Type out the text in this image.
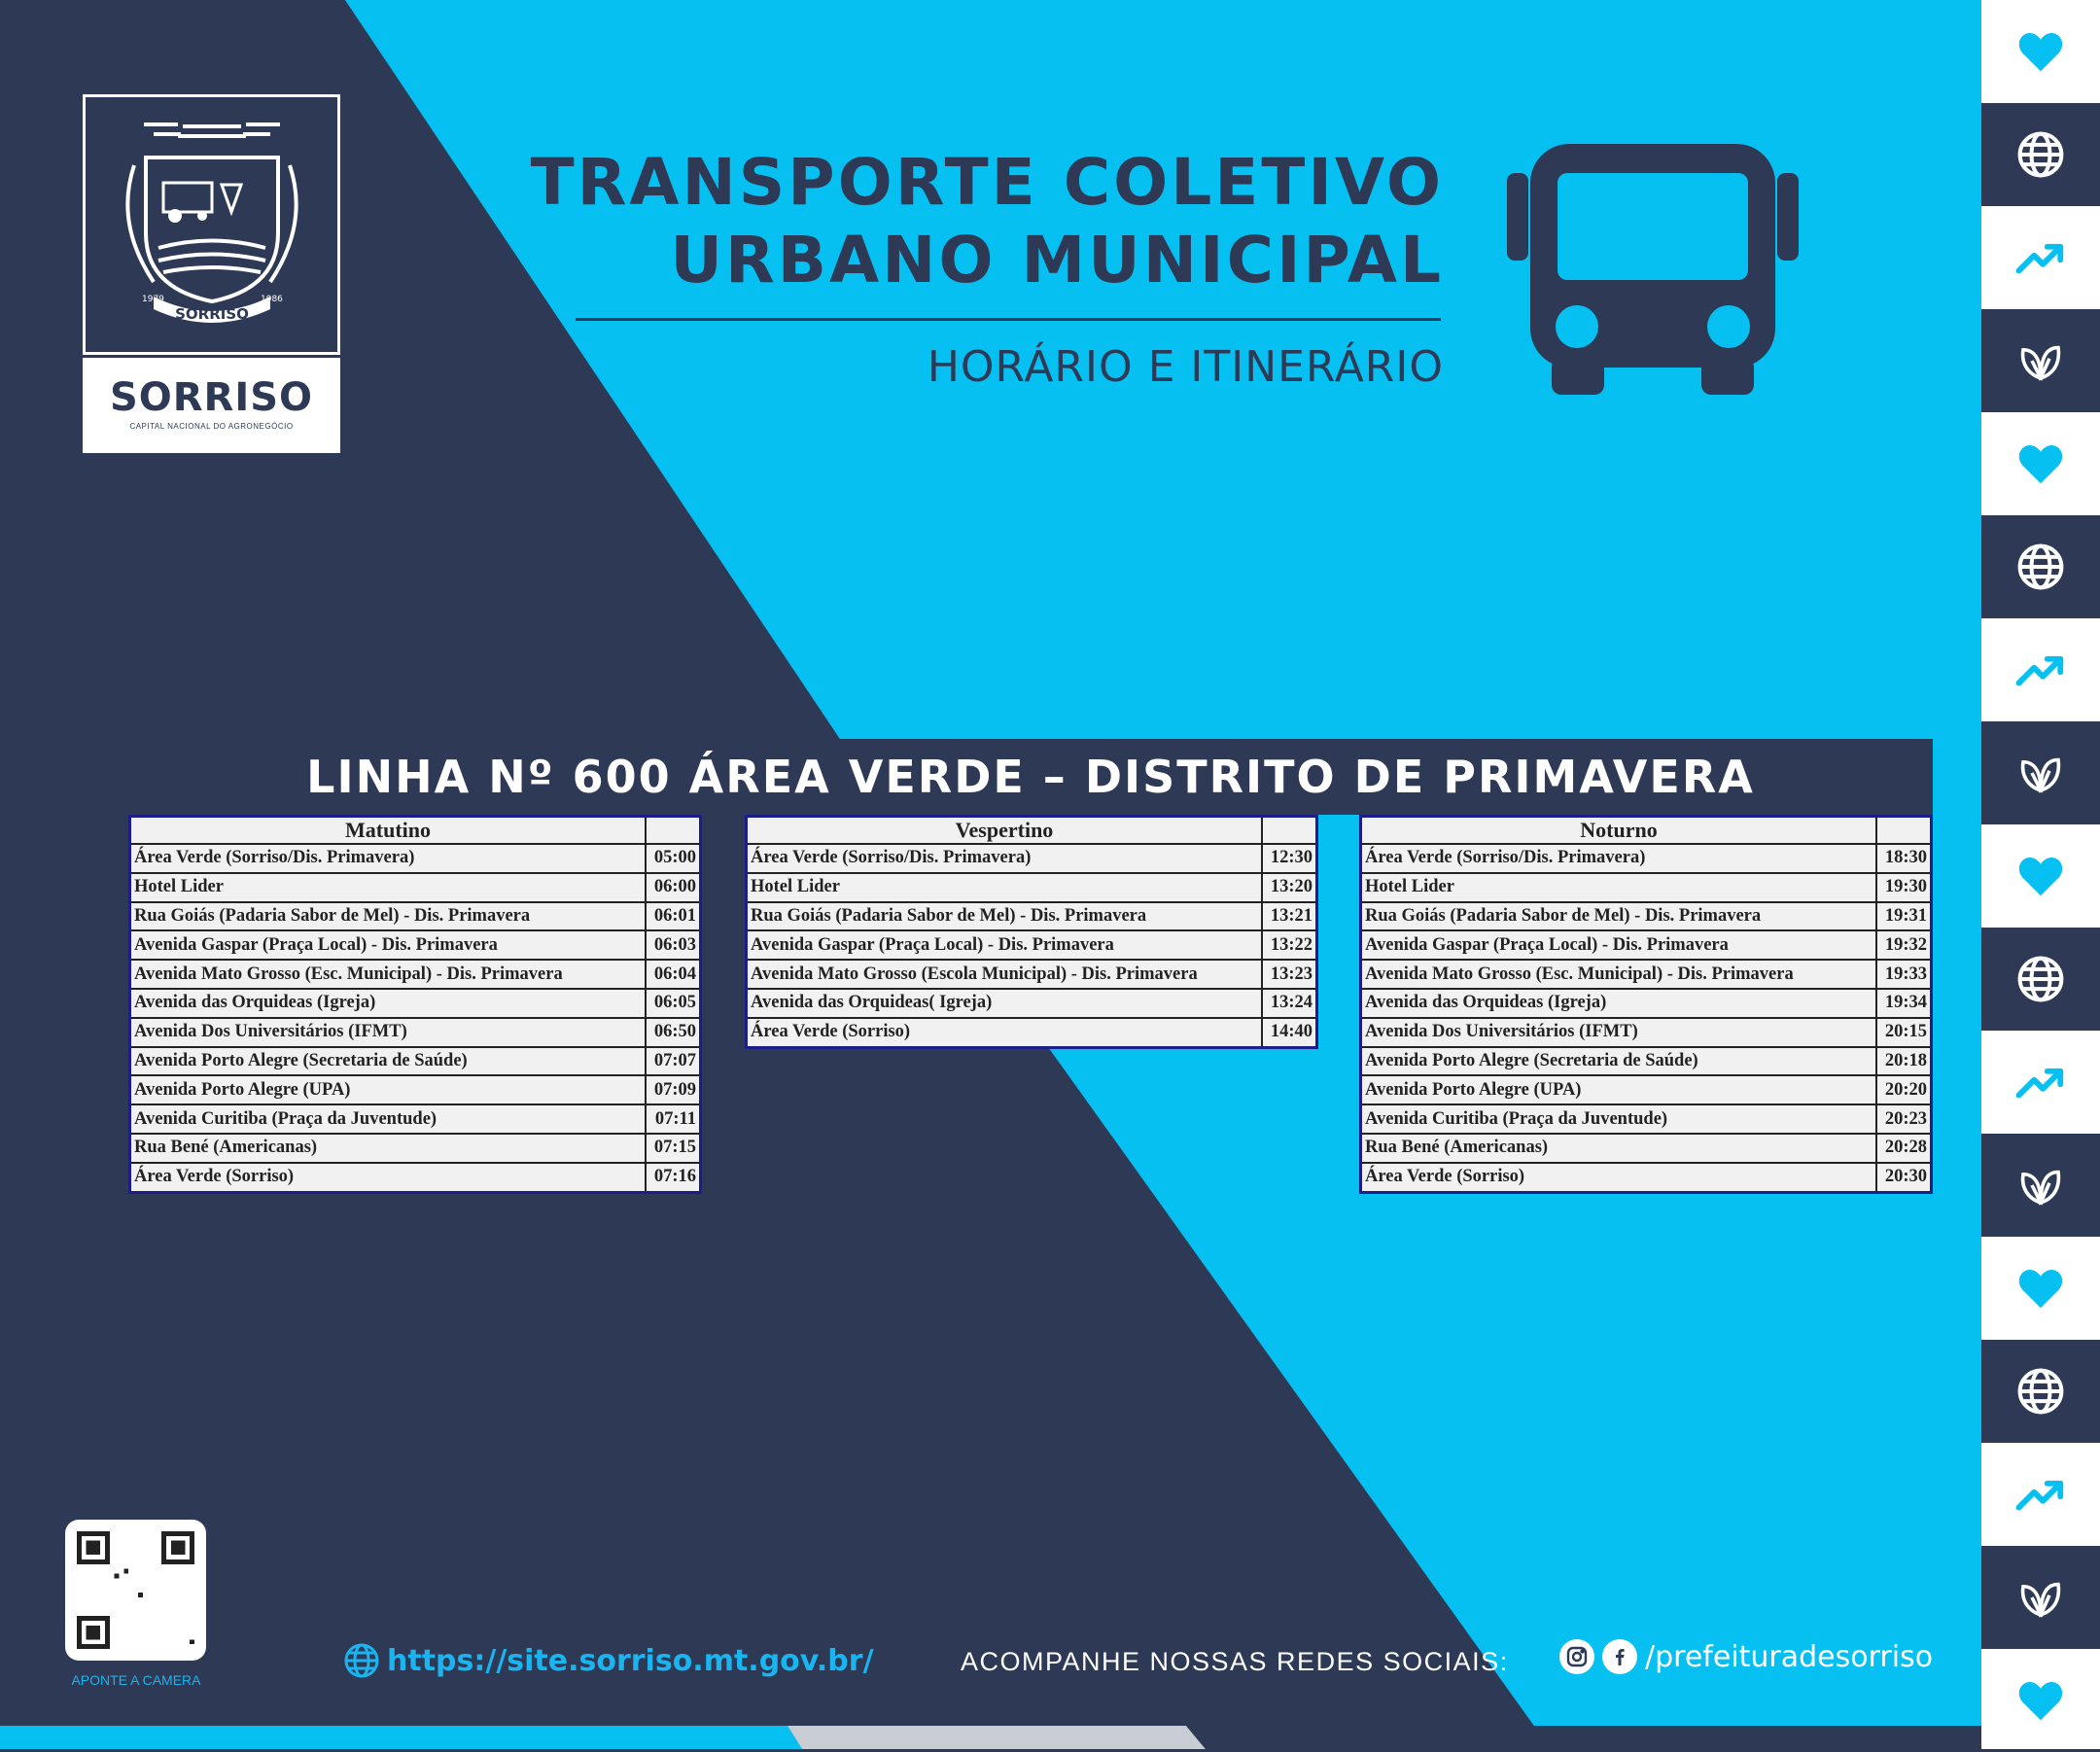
SORRISO
1979	1986
SORRISO
CAPITAL NACIONAL DO AGRONEGÓCIO
TRANSPORTE COLETIVO
URBANO MUNICIPAL
HORÁRIO E ITINERÁRIO
LINHA Nº 600 ÁREA VERDE – DISTRITO DE PRIMAVERA
Matutino	
Área Verde (Sorriso/Dis. Primavera)	05:00
Hotel Lider	06:00
Rua Goiás (Padaria Sabor de Mel) - Dis. Primavera	06:01
Avenida Gaspar (Praça Local) - Dis. Primavera	06:03
Avenida Mato Grosso (Esc. Municipal) - Dis. Primavera	06:04
Avenida das Orquideas (Igreja)	06:05
Avenida Dos Universitários (IFMT)	06:50
Avenida Porto Alegre (Secretaria de Saúde)	07:07
Avenida Porto Alegre (UPA)	07:09
Avenida Curitiba (Praça da Juventude)	07:11
Rua Bené (Americanas)	07:15
Área Verde (Sorriso)	07:16
Vespertino	
Área Verde (Sorriso/Dis. Primavera)	12:30
Hotel Lider	13:20
Rua Goiás (Padaria Sabor de Mel) - Dis. Primavera	13:21
Avenida Gaspar (Praça Local) - Dis. Primavera	13:22
Avenida Mato Grosso (Escola Municipal) - Dis. Primavera	13:23
Avenida das Orquideas( Igreja)	13:24
Área Verde (Sorriso)	14:40
Noturno	
Área Verde (Sorriso/Dis. Primavera)	18:30
Hotel Lider	19:30
Rua Goiás (Padaria Sabor de Mel) - Dis. Primavera	19:31
Avenida Gaspar (Praça Local) - Dis. Primavera	19:32
Avenida Mato Grosso (Esc. Municipal) - Dis. Primavera	19:33
Avenida das Orquideas (Igreja)	19:34
Avenida Dos Universitários (IFMT)	20:15
Avenida Porto Alegre (Secretaria de Saúde)	20:18
Avenida Porto Alegre (UPA)	20:20
Avenida Curitiba (Praça da Juventude)	20:23
Rua Bené (Americanas)	20:28
Área Verde (Sorriso)	20:30
APONTE A CAMERA
https://site.sorriso.mt.gov.br/	ACOMPANHE NOSSAS REDES SOCIAIS:	/prefeituradesorriso
